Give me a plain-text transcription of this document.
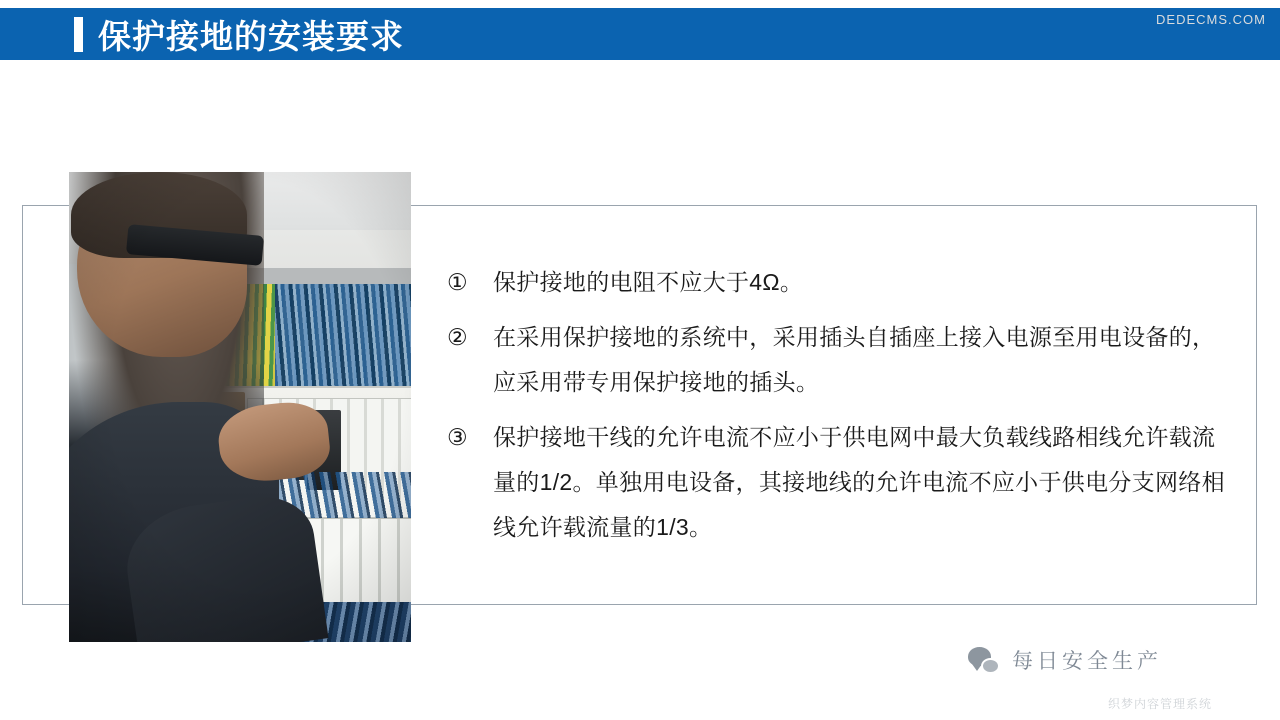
保护接地的安装要求
①	保护接地的电阻不应大于4Ω。
②	在采用保护接地的系统中，采用插头自插座上接入电源至用电设备的，应采用带专用保护接地的插头。
③	保护接地干线的允许电流不应小于供电网中最大负载线路相线允许载流量的1/2。单独用电设备，其接地线的允许电流不应小于供电分支网络相线允许载流量的1/3。
每日安全生产
DEDECMS.COM
织梦内容管理系统
